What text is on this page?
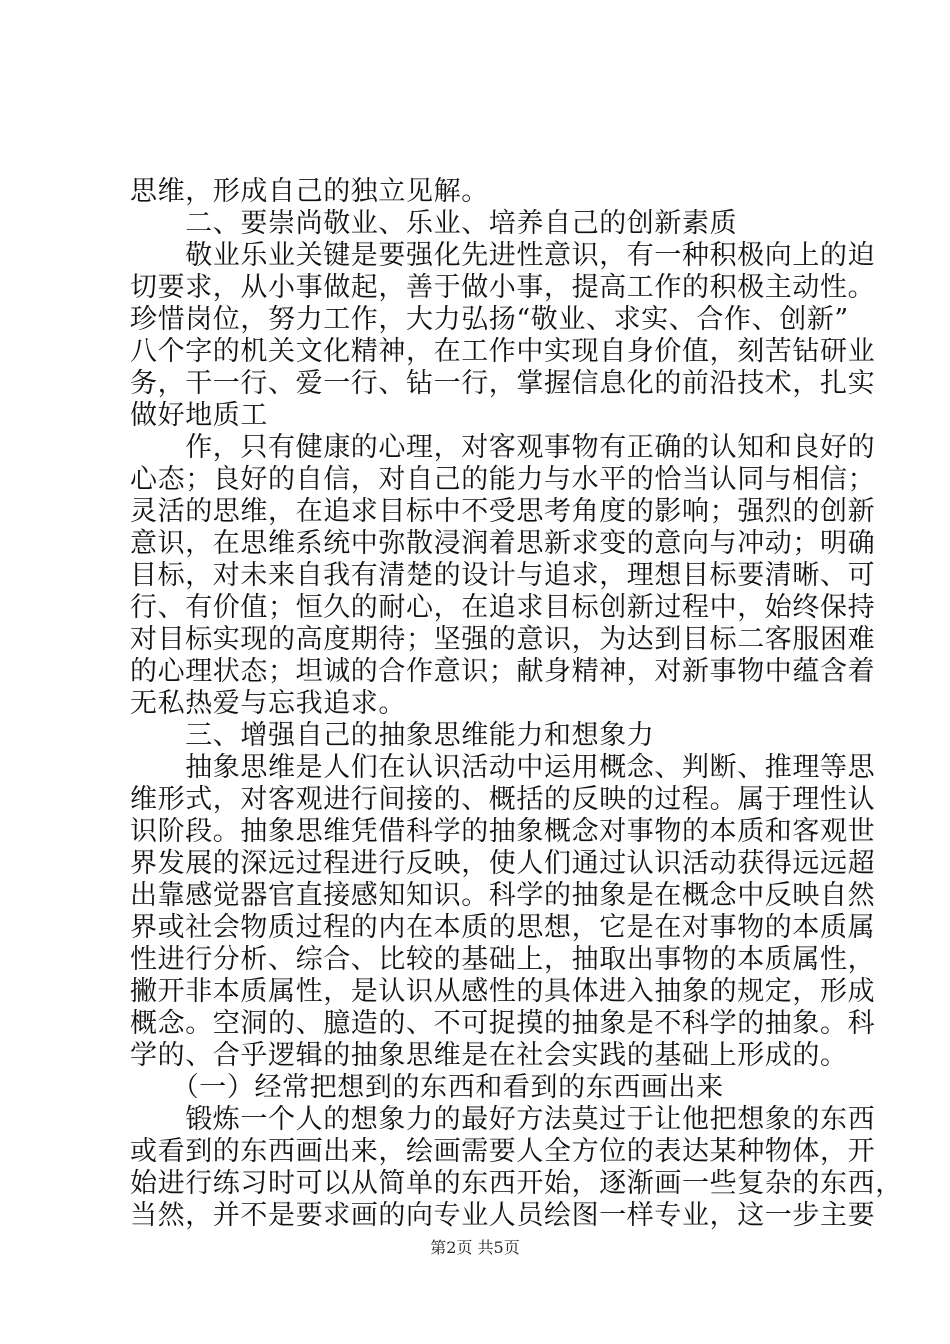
思维，形成自己的独立见解。
　　二、要崇尚敬业、乐业、培养自己的创新素质
　　敬业乐业关键是要强化先进性意识，有一种积极向上的迫
切要求，从小事做起，善于做小事，提高工作的积极主动性。
珍惜岗位，努力工作，大力弘扬“敬业、求实、合作、创新”
八个字的机关文化精神，在工作中实现自身价值，刻苦钻研业
务，干一行、爱一行、钻一行，掌握信息化的前沿技术，扎实
做好地质工
　　作，只有健康的心理，对客观事物有正确的认知和良好的
心态；良好的自信，对自己的能力与水平的恰当认同与相信；
灵活的思维，在追求目标中不受思考角度的影响；强烈的创新
意识，在思维系统中弥散浸润着思新求变的意向与冲动；明确
目标，对未来自我有清楚的设计与追求，理想目标要清晰、可
行、有价值；恒久的耐心，在追求目标创新过程中，始终保持
对目标实现的高度期待；坚强的意识，为达到目标二客服困难
的心理状态；坦诚的合作意识；献身精神，对新事物中蕴含着
无私热爱与忘我追求。
　　三、增强自己的抽象思维能力和想象力
　　抽象思维是人们在认识活动中运用概念、判断、推理等思
维形式，对客观进行间接的、概括的反映的过程。属于理性认
识阶段。抽象思维凭借科学的抽象概念对事物的本质和客观世
界发展的深远过程进行反映，使人们通过认识活动获得远远超
出靠感觉器官直接感知知识。科学的抽象是在概念中反映自然
界或社会物质过程的内在本质的思想，它是在对事物的本质属
性进行分析、综合、比较的基础上，抽取出事物的本质属性，
撇开非本质属性，是认识从感性的具体进入抽象的规定，形成
概念。空洞的、臆造的、不可捉摸的抽象是不科学的抽象。科
学的、合乎逻辑的抽象思维是在社会实践的基础上形成的。
　　（一）经常把想到的东西和看到的东西画出来
　　锻炼一个人的想象力的最好方法莫过于让他把想象的东西
或看到的东西画出来，绘画需要人全方位的表达某种物体，开
始进行练习时可以从简单的东西开始，逐渐画一些复杂的东西，
当然，并不是要求画的向专业人员绘图一样专业，这一步主要
第2页 共5页
